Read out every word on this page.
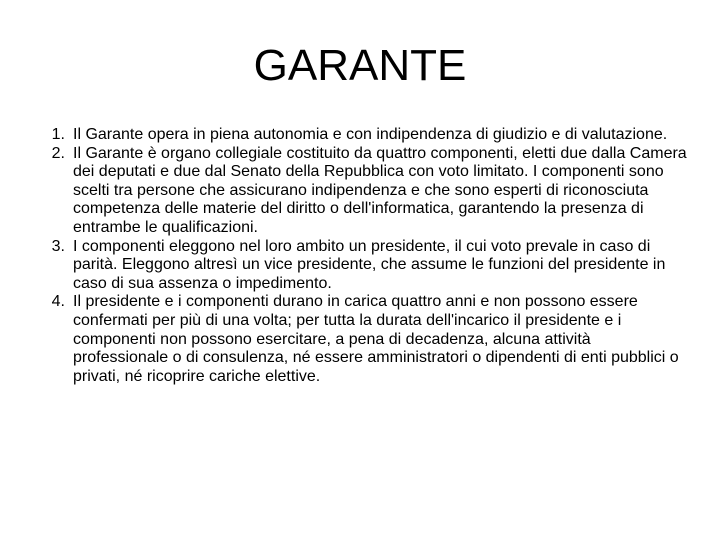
GARANTE
1. Il Garante opera in piena autonomia e con indipendenza di giudizio e di valutazione.
2. Il Garante è organo collegiale costituito da quattro componenti, eletti due dalla Camera dei deputati e due dal Senato della Repubblica con voto limitato. I componenti sono scelti tra persone che assicurano indipendenza e che sono esperti di riconosciuta competenza delle materie del diritto o dell'informatica, garantendo la presenza di entrambe le qualificazioni.
3. I componenti eleggono nel loro ambito un presidente, il cui voto prevale in caso di parità. Eleggono altresì un vice presidente, che assume le funzioni del presidente in caso di sua assenza o impedimento.
4. Il presidente e i componenti durano in carica quattro anni e non possono essere confermati per più di una volta; per tutta la durata dell'incarico il presidente e i componenti non possono esercitare, a pena di decadenza, alcuna attività professionale o di consulenza, né essere amministratori o dipendenti di enti pubblici o privati, né ricoprire cariche elettive.
